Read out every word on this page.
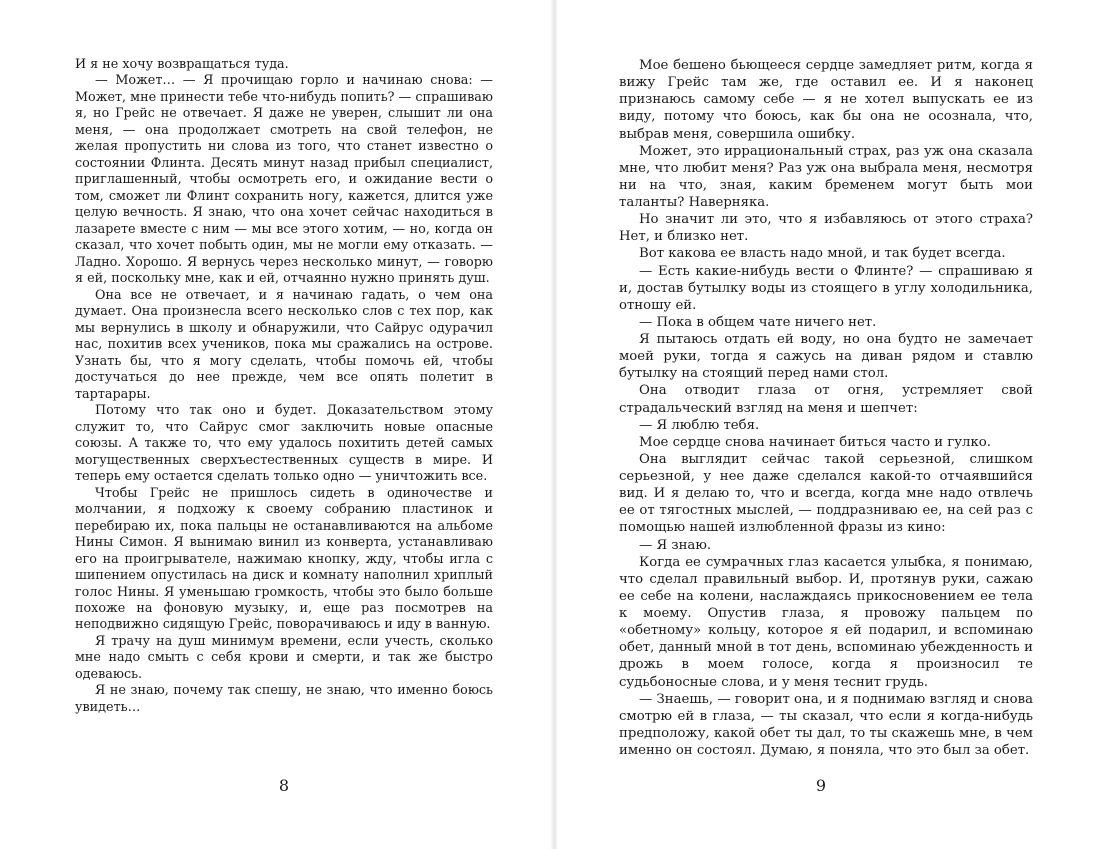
И я не хочу возвращаться туда.

— Может… — Я прочищаю горло и начинаю снова: — Может, мне принести тебе что-нибудь попить? — спрашиваю я, но Грейс не отвечает. Я даже не уверен, слышит ли она меня, — она продолжает смотреть на свой телефон, не желая пропустить ни слова из того, что станет известно о состоянии Флинта. Десять минут назад прибыл специалист, приглашенный, чтобы осмотреть его, и ожидание вести о том, сможет ли Флинт сохранить ногу, кажется, длится уже целую вечность. Я знаю, что она хочет сейчас находиться в лазарете вместе с ним — мы все этого хотим, — но, когда он сказал, что хочет побыть один, мы не могли ему отказать. — Ладно. Хорошо. Я вернусь через несколько минут, — говорю я ей, поскольку мне, как и ей, отчаянно нужно принять душ.

Она все не отвечает, и я начинаю гадать, о чем она думает. Она произнесла всего несколько слов с тех пор, как мы вернулись в школу и обнаружили, что Сайрус одурачил нас, похитив всех учеников, пока мы сражались на острове. Узнать бы, что я могу сделать, чтобы помочь ей, чтобы достучаться до нее прежде, чем все опять полетит в тартарары.

Потому что так оно и будет. Доказательством этому служит то, что Сайрус смог заключить новые опасные союзы. А также то, что ему удалось похитить детей самых могущественных сверхъестественных существ в мире. И теперь ему остается сделать только одно — уничтожить все.

Чтобы Грейс не пришлось сидеть в одиночестве и молчании, я подхожу к своему собранию пластинок и перебираю их, пока пальцы не останавливаются на альбоме Нины Симон. Я вынимаю винил из конверта, устанавливаю его на проигрывателе, нажимаю кнопку, жду, чтобы игла с шипением опустилась на диск и комнату наполнил хриплый голос Нины. Я уменьшаю громкость, чтобы это было больше похоже на фоновую музыку, и, еще раз посмотрев на неподвижно сидящую Грейс, поворачиваюсь и иду в ванную.

Я трачу на душ минимум времени, если учесть, сколько мне надо смыть с себя крови и смерти, и так же быстро одеваюсь.

Я не знаю, почему так спешу, не знаю, что именно боюсь увидеть…

8

Мое бешено бьющееся сердце замедляет ритм, когда я вижу Грейс там же, где оставил ее. И я наконец признаюсь самому себе — я не хотел выпускать ее из виду, потому что боюсь, как бы она не осознала, что, выбрав меня, совершила ошибку.

Может, это иррациональный страх, раз уж она сказала мне, что любит меня? Раз уж она выбрала меня, несмотря ни на что, зная, каким бременем могут быть мои таланты? Наверняка.

Но значит ли это, что я избавляюсь от этого страха? Нет, и близко нет.

Вот какова ее власть надо мной, и так будет всегда.

— Есть какие-нибудь вести о Флинте? — спрашиваю я и, достав бутылку воды из стоящего в углу холодильника, отношу ей.

— Пока в общем чате ничего нет.

Я пытаюсь отдать ей воду, но она будто не замечает моей руки, тогда я сажусь на диван рядом и ставлю бутылку на стоящий перед нами стол.

Она отводит глаза от огня, устремляет свой страдальческий взгляд на меня и шепчет:

— Я люблю тебя.

Мое сердце снова начинает биться часто и гулко.

Она выглядит сейчас такой серьезной, слишком серьезной, у нее даже сделался какой-то отчаявшийся вид. И я делаю то, что и всегда, когда мне надо отвлечь ее от тягостных мыслей, — поддразниваю ее, на сей раз с помощью нашей излюбленной фразы из кино:

— Я знаю.

Когда ее сумрачных глаз касается улыбка, я понимаю, что сделал правильный выбор. И, протянув руки, сажаю ее себе на колени, наслаждаясь прикосновением ее тела к моему. Опустив глаза, я провожу пальцем по «обетному» кольцу, которое я ей подарил, и вспоминаю обет, данный мной в тот день, вспоминаю убежденность и дрожь в моем голосе, когда я произносил те судьбоносные слова, и у меня теснит грудь.

— Знаешь, — говорит она, и я поднимаю взгляд и снова смотрю ей в глаза, — ты сказал, что если я когда-нибудь предположу, какой обет ты дал, то ты скажешь мне, в чем именно он состоял. Думаю, я поняла, что это был за обет.

9
